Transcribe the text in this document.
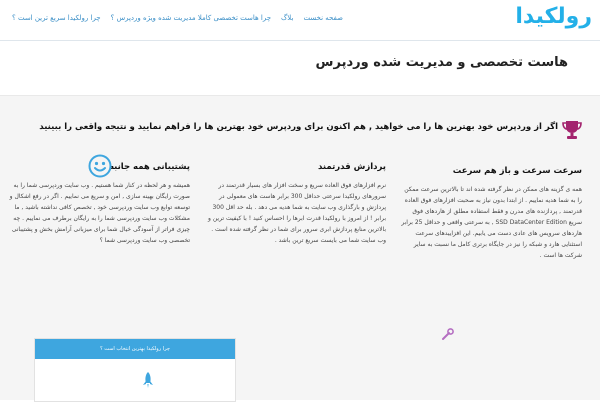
رولکیدا
صفحه نخست
بلاگ
چرا هاست تخصصی کاملا مدیریت شده ویژه وردپرس ؟
چرا رولکیدا سریع ترین است ؟
هاست تخصصی و مدیریت شده وردپرس
اگر از وردپرس خود بهترین ها را می خواهید , هم اکنون برای وردپرس خود بهترین ها را فراهم نمایید و نتیجه واقعی را ببینید
سرعت سرعت و باز هم سرعت
همه ی گزینه های ممکن در نظر گرفته شده اند تا بالاترین سرعت ممکن را به شما هدیه نماییم . از ابتدا بدون نیاز به صحبت افزارهای فوق العاده قدرتمند , پردازنده های مدرن و فقط استفاده مطلق از هاردهای فوق سریع SSD DataCenter Edition , به سرعتی واقعی و حداقل 25 برابر هاردهای سرویس های عادی دست می یابیم. این افزاییدهای سرعت استثنایی هارد و شبکه را نیز در جایگاه برتری کامل ما نسبت به سایر شرکت ها است .
پردازش قدرتمند
نرم افزارهای فوق العاده سریع و سخت افزار های بسیار قدرتمند در سرورهای رولکیدا سرعتی حداقل 300 برابر هاست های معمولی در پردازش و بارگذاری وب سایت به شما هدیه می دهد . بله حد اقل 300 برابر ! از امروز با رولکیدا قدرت ابرها را احساس کنید ! با کیفیت ترین و بالاترین منابع پردازش ابری سرور برای شما در نظر گرفته شده است . وب سایت شما می بایست سریع ترین باشد .
پشتیبانی همه جانبه
همیشه و هر لحظه در کنار شما هستیم . وب سایت وردپرسی شما را به صورت رایگان بهینه سازی , امن و سریع می نماییم . اگر در رفع اشکال و توسعه توابع وب سایت وردپرسی خود , تخصص کافی نداشته باشید , ما مشکلات وب سایت وردپرسی شما را به رایگان برطرف می نماییم . چه چیزی فراتر از آسودگی خیال شما برای میزبانی آرامش بخش و پشتیبانی تخصصی وب سایت وردپرسی شما ؟
چرا رولکیدا بهترین انتخاب است ؟
